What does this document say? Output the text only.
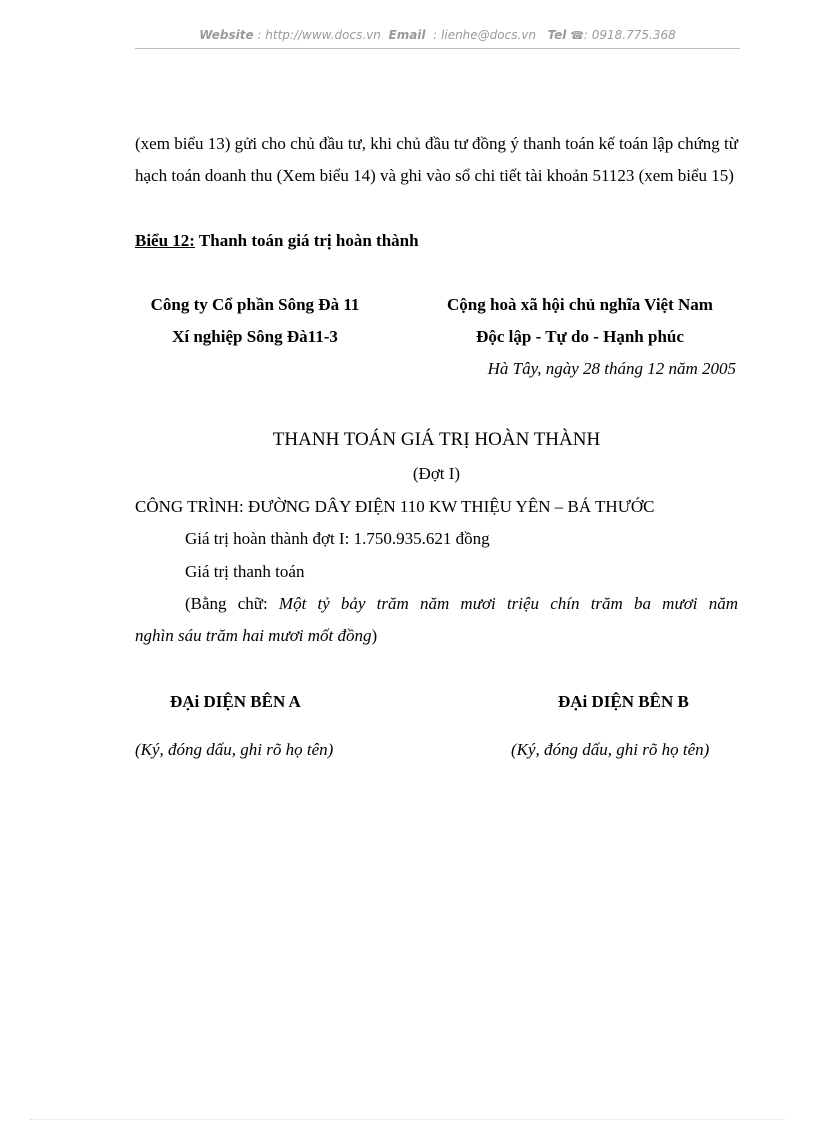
Website : http://www.docs.vn Email : lienhe@docs.vn Tel ☎: 0918.775.368
(xem biểu 13) gửi cho chủ đầu tư, khi chủ đầu tư đồng ý thanh toán kế toán lập chứng từ hạch toán doanh thu (Xem biểu 14) và ghi vào sổ chi tiết tài khoản 51123 (xem biểu 15)
Biểu 12: Thanh toán giá trị hoàn thành
Công ty Cổ phần Sông Đà 11
Xí nghiệp Sông Đà11-3
Cộng hoà xã hội chủ nghĩa Việt Nam
Độc lập - Tự do - Hạnh phúc
Hà Tây, ngày 28 tháng 12 năm 2005
THANH TOÁN GIÁ TRỊ HOÀN THÀNH
(Đợt I)
CÔNG TRÌNH: ĐƯỜNG DÂY ĐIỆN 110 KW THIỆU YÊN – BÁ THƯỚC
Giá trị hoàn thành đợt I: 1.750.935.621 đồng
Giá trị thanh toán
(Bằng chữ: Một tỷ bảy trăm năm mươi triệu chín trăm ba mươi năm
nghìn sáu trăm hai mươi mốt đồng)
ĐẠi DIỆN BÊN A	ĐẠi DIỆN BÊN B
(Ký, đóng dấu, ghi rõ họ tên)	(Ký, đóng dấu, ghi rõ họ tên)
